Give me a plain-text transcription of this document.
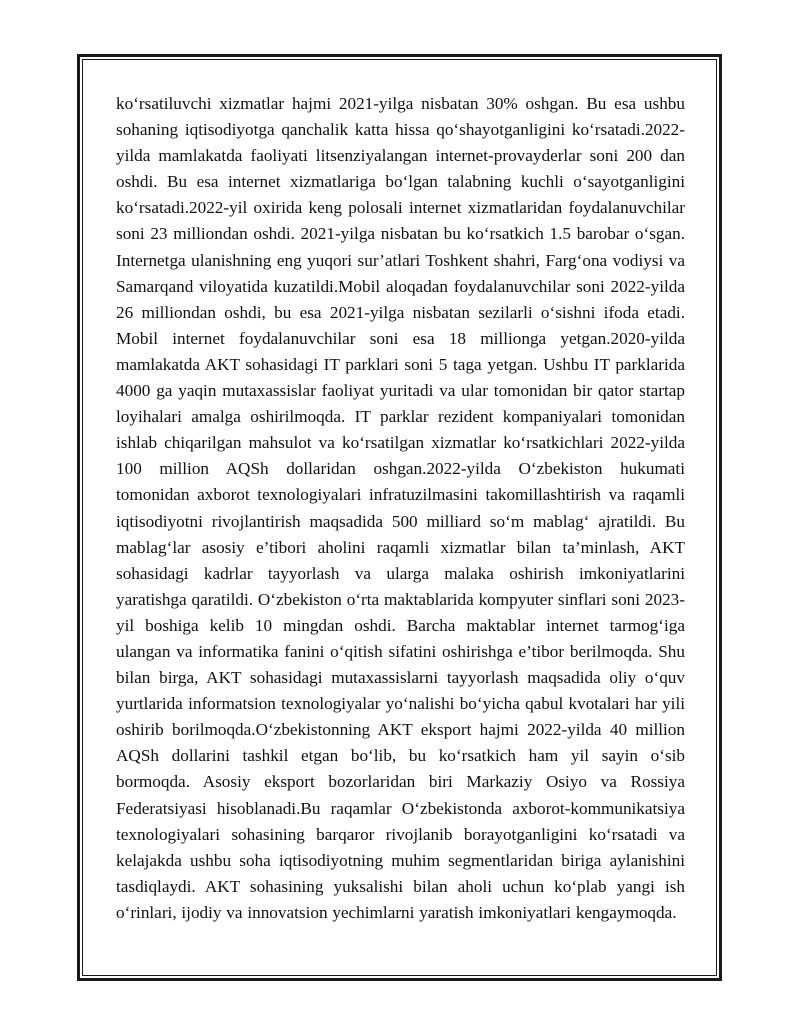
ko‘rsatiluvchi xizmatlar hajmi 2021-yilga nisbatan 30% oshgan. Bu esa ushbu sohaning iqtisodiyotga qanchalik katta hissa qo‘shayotganligini ko‘rsatadi.2022-yilda mamlakatda faoliyati litsenziyalangan internet-provayderlar soni 200 dan oshdi. Bu esa internet xizmatlariga bo‘lgan talabning kuchli o‘sayotganligini ko‘rsatadi.2022-yil oxirida keng polosali internet xizmatlaridan foydalanuvchilar soni 23 milliondan oshdi. 2021-yilga nisbatan bu ko‘rsatkich 1.5 barobar o‘sgan. Internetga ulanishning eng yuqori sur’atlari Toshkent shahri, Farg‘ona vodiysi va Samarqand viloyatida kuzatildi.Mobil aloqadan foydalanuvchilar soni 2022-yilda 26 milliondan oshdi, bu esa 2021-yilga nisbatan sezilarli o‘sishni ifoda etadi. Mobil internet foydalanuvchilar soni esa 18 millionga yetgan.2020-yilda mamlakatda AKT sohasidagi IT parklari soni 5 taga yetgan. Ushbu IT parklarida 4000 ga yaqin mutaxassislar faoliyat yuritadi va ular tomonidan bir qator startap loyihalari amalga oshirilmoqda. IT parklar rezident kompaniyalari tomonidan ishlab chiqarilgan mahsulot va ko‘rsatilgan xizmatlar ko‘rsatkichlari 2022-yilda 100 million AQSh dollaridan oshgan.2022-yilda O‘zbekiston hukumati tomonidan axborot texnologiyalari infratuzilmasini takomillashtirish va raqamli iqtisodiyotni rivojlantirish maqsadida 500 milliard so‘m mablag‘ ajratildi. Bu mablag‘lar asosiy e’tibori aholini raqamli xizmatlar bilan ta’minlash, AKT sohasidagi kadrlar tayyorlash va ularga malaka oshirish imkoniyatlarini yaratishga qaratildi. O‘zbekiston o‘rta maktablarida kompyuter sinflari soni 2023-yil boshiga kelib 10 mingdan oshdi. Barcha maktablar internet tarmog‘iga ulangan va informatika fanini o‘qitish sifatini oshirishga e’tibor berilmoqda. Shu bilan birga, AKT sohasidagi mutaxassislarni tayyorlash maqsadida oliy o‘quv yurtlarida informatsion texnologiyalar yo‘nalishi bo‘yicha qabul kvotalari har yili oshirib borilmoqda.O‘zbekistonning AKT eksport hajmi 2022-yilda 40 million AQSh dollarini tashkil etgan bo‘lib, bu ko‘rsatkich ham yil sayin o‘sib bormoqda. Asosiy eksport bozorlaridan biri Markaziy Osiyo va Rossiya Federatsiyasi hisoblanadi.Bu raqamlar O‘zbekistonda axborot-kommunikatsiya texnologiyalari sohasining barqaror rivojlanib borayotganligini ko‘rsatadi va kelajakda ushbu soha iqtisodiyotning muhim segmentlaridan biriga aylanishini tasdiqlaydi. AKT sohasining yuksalishi bilan aholi uchun ko‘plab yangi ish o‘rinlari, ijodiy va innovatsion yechimlarni yaratish imkoniyatlari kengaymoqda.
